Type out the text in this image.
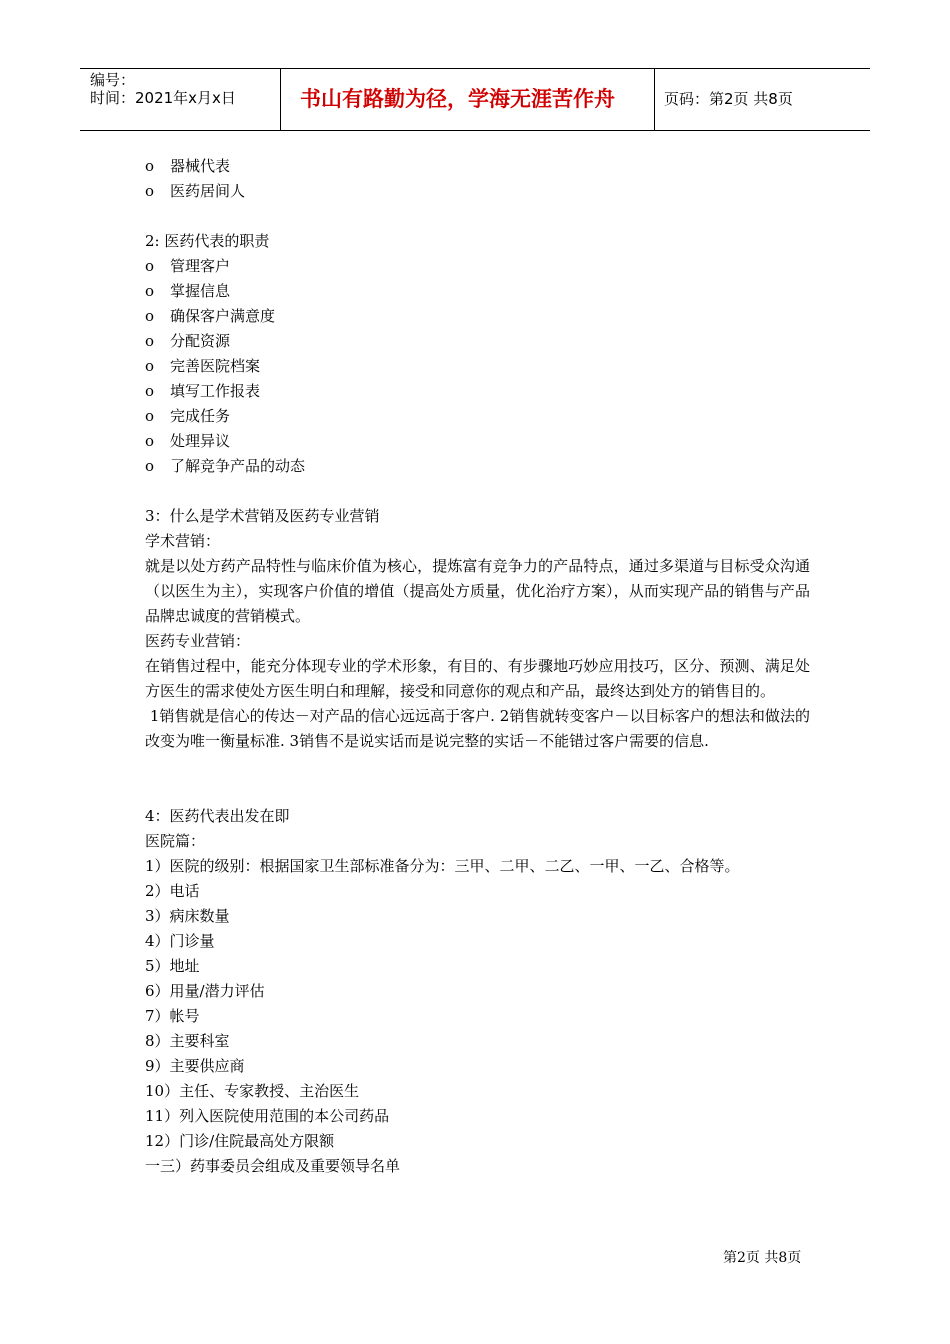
编号：
时间：2021年x月x日	书山有路勤为径，学海无涯苦作舟	页码：第2页 共8页
o 器械代表
o 医药居间人
2: 医药代表的职责
o 管理客户
o 掌握信息
o 确保客户满意度
o 分配资源
o 完善医院档案
o 填写工作报表
o 完成任务
o 处理异议
o 了解竞争产品的动态
3：什么是学术营销及医药专业营销
学术营销：
就是以处方药产品特性与临床价值为核心，提炼富有竞争力的产品特点，通过多渠道与目标受众沟通（以医生为主），实现客户价值的增值（提高处方质量，优化治疗方案），从而实现产品的销售与产品品牌忠诚度的营销模式。
医药专业营销：
在销售过程中，能充分体现专业的学术形象，有目的、有步骤地巧妙应用技巧，区分、预测、满足处方医生的需求使处方医生明白和理解，接受和同意你的观点和产品，最终达到处方的销售目的。
1销售就是信心的传达－对产品的信心远远高于客户. 2销售就转变客户－以目标客户的想法和做法的改变为唯一衡量标准. 3销售不是说实话而是说完整的实话－不能错过客户需要的信息.
4：医药代表出发在即
医院篇：
1）医院的级别：根据国家卫生部标准备分为：三甲、二甲、二乙、一甲、一乙、合格等。
2）电话
3）病床数量
4）门诊量
5）地址
6）用量/潜力评估
7）帐号
8）主要科室
9）主要供应商
10）主任、专家教授、主治医生
11）列入医院使用范围的本公司药品
12）门诊/住院最高处方限额
一三）药事委员会组成及重要领导名单
第2页 共8页
